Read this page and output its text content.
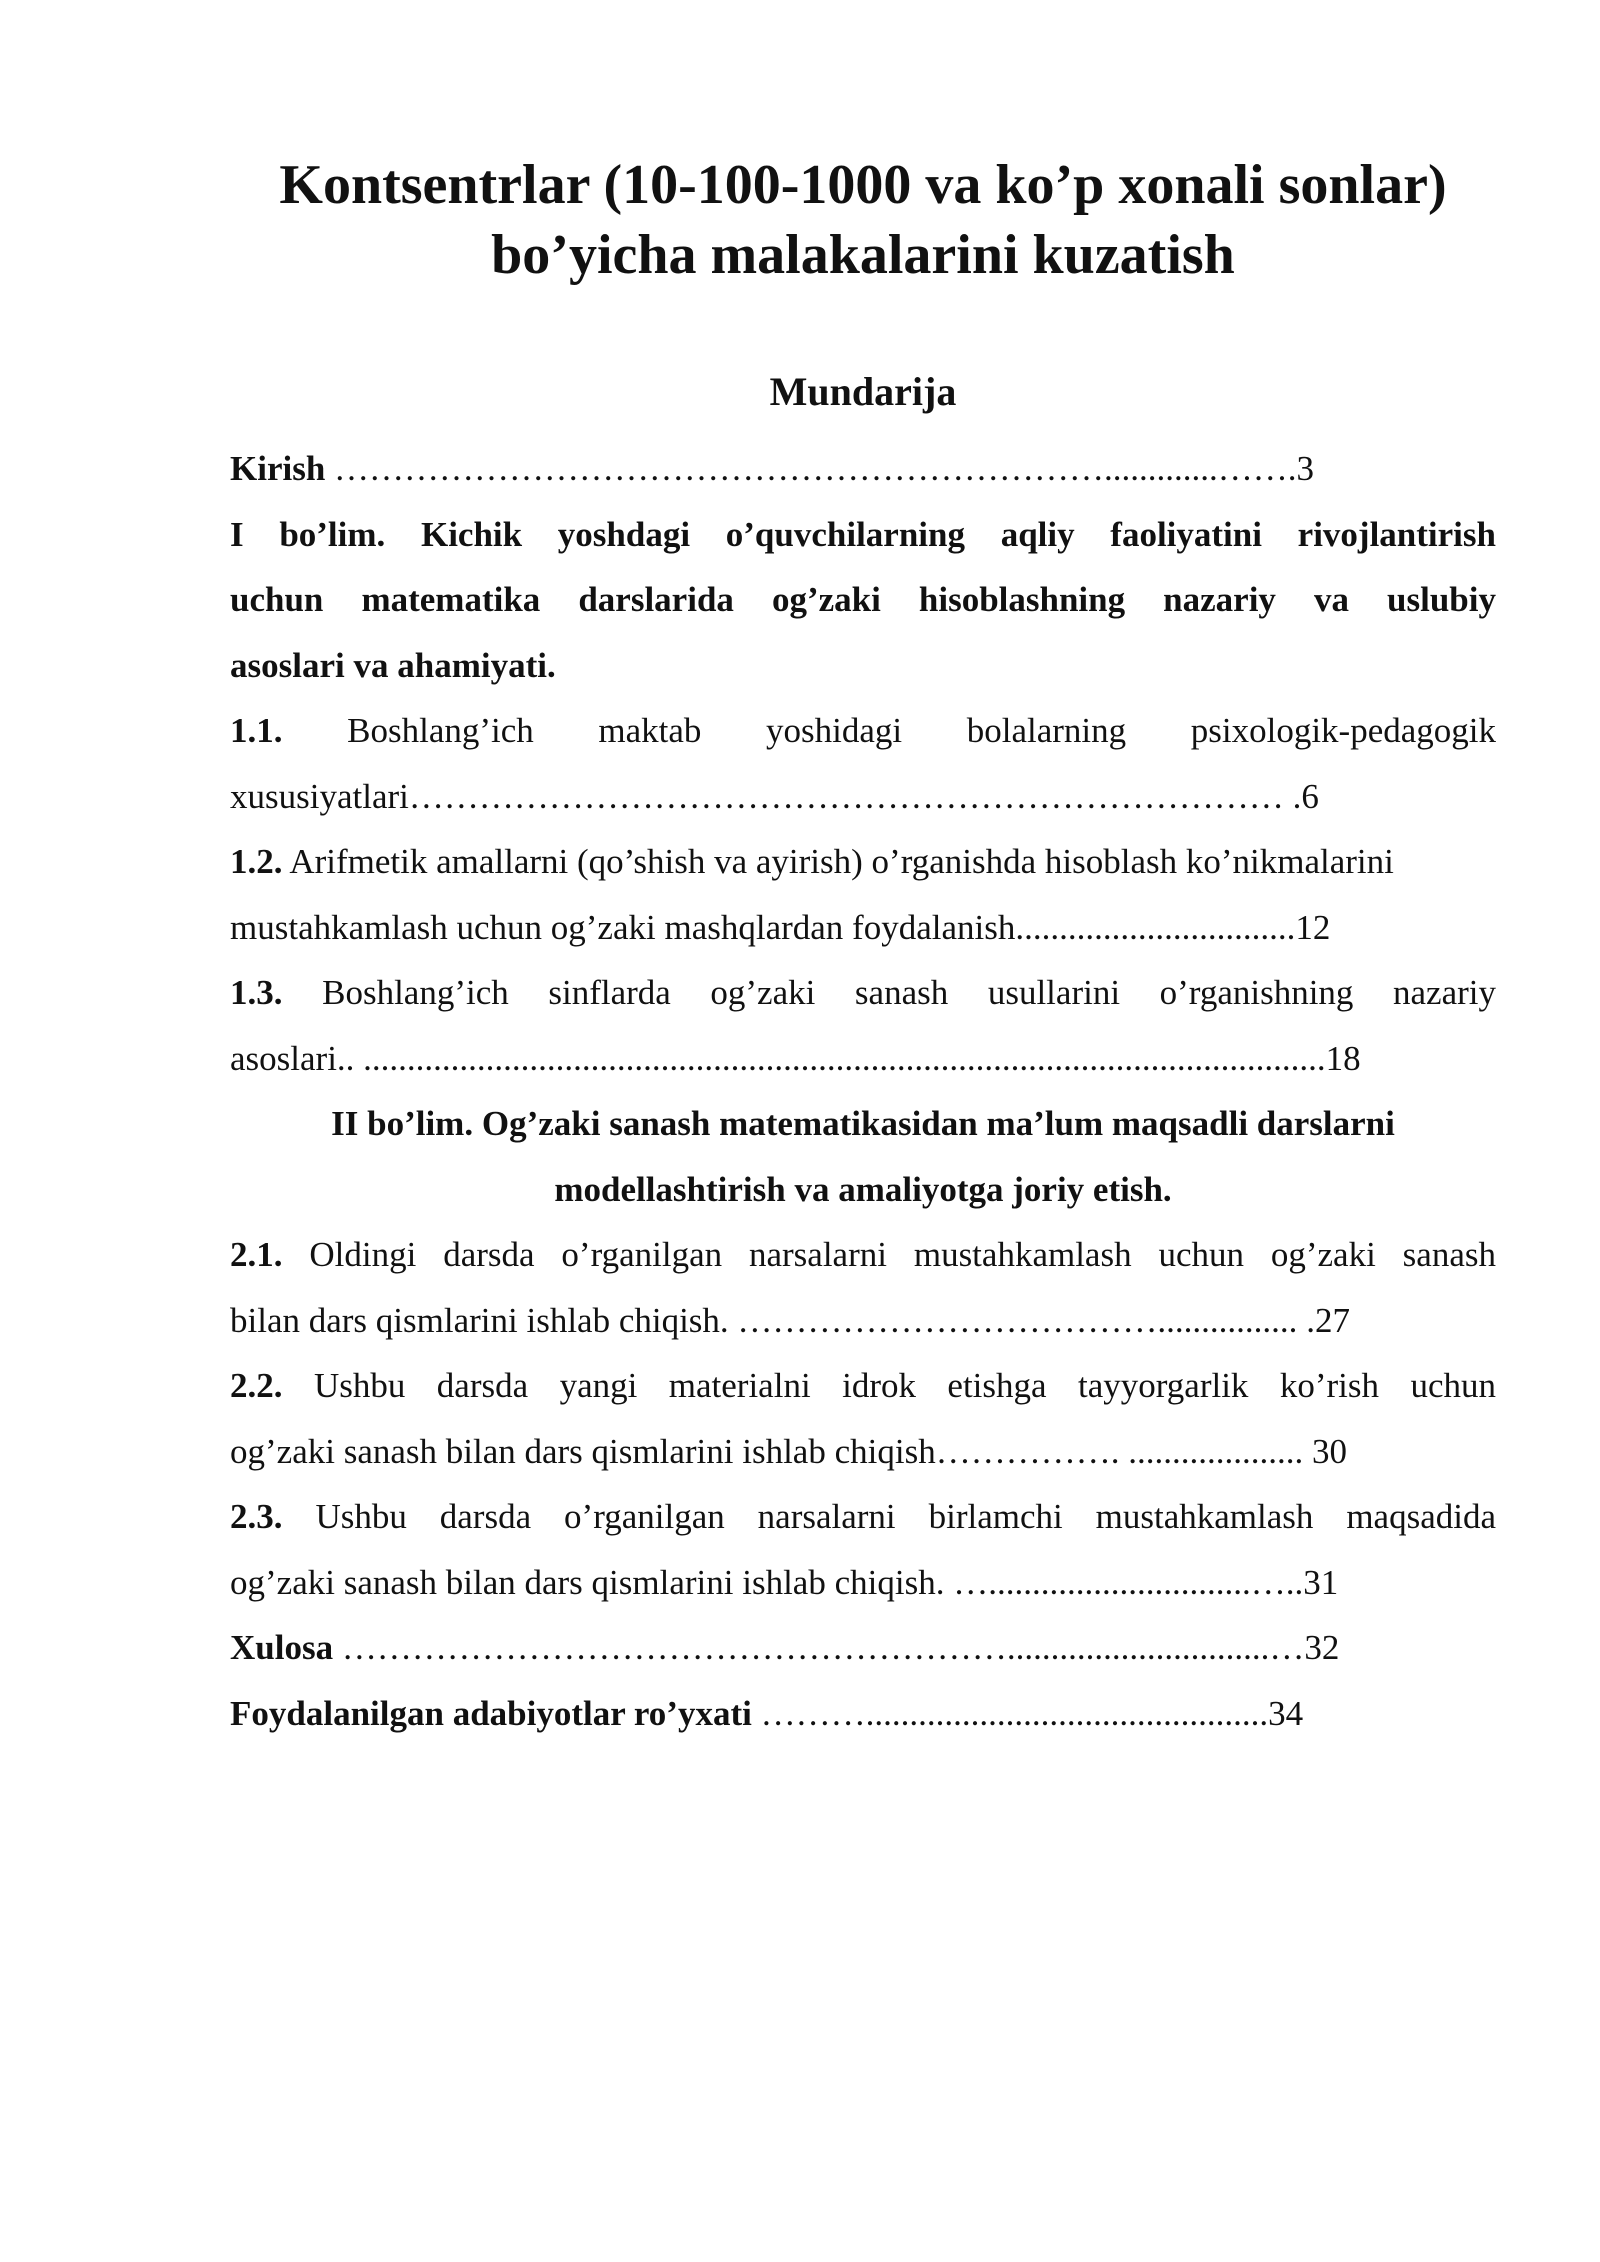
Kontsentrlar (10-100-1000 va ko’p xonali sonlar)
bo’yicha malakalarini kuzatish
Mundarija
Kirish ………………………………………………………….............…….3
I bo’lim. Kichik yoshdagi o’quvchilarning aqliy faoliyatini rivojlantirish
uchun matematika darslarida og’zaki hisoblashning nazariy va uslubiy
asoslari va ahamiyati.
1.1. Boshlang’ich maktab yoshidagi bolalarning psixologik-pedagogik
xususiyatlari………………………………………………………………… .6
1.2. Arifmetik amallarni (qo’shish va ayirish) o’rganishda hisoblash ko’nikmalarini
mustahkamlash uchun og’zaki mashqlardan foydalanish................................12
1.3. Boshlang’ich sinflarda og’zaki sanash usullarini o’rganishning nazariy
asoslari.. ..............................................................................................................18
II bo’lim. Og’zaki sanash matematikasidan ma’lum maqsadli darslarni
modellashtirish va amaliyotga joriy etish.
2.1. Oldingi darsda o’rganilgan narsalarni mustahkamlash uchun og’zaki sanash
bilan dars qismlarini ishlab chiqish. ………………………………................ .27
2.2. Ushbu darsda yangi materialni idrok etishga tayyorgarlik ko’rish uchun
og’zaki sanash bilan dars qismlarini ishlab chiqish……………. .................... 30
2.3. Ushbu darsda o’rganilgan narsalarni birlamchi mustahkamlash maqsadida
og’zaki sanash bilan dars qismlarini ishlab chiqish. …..............................…..31
Xulosa …………………………………………………..............................…32
Foydalanilgan adabiyotlar ro’yxati ………..............................................34
